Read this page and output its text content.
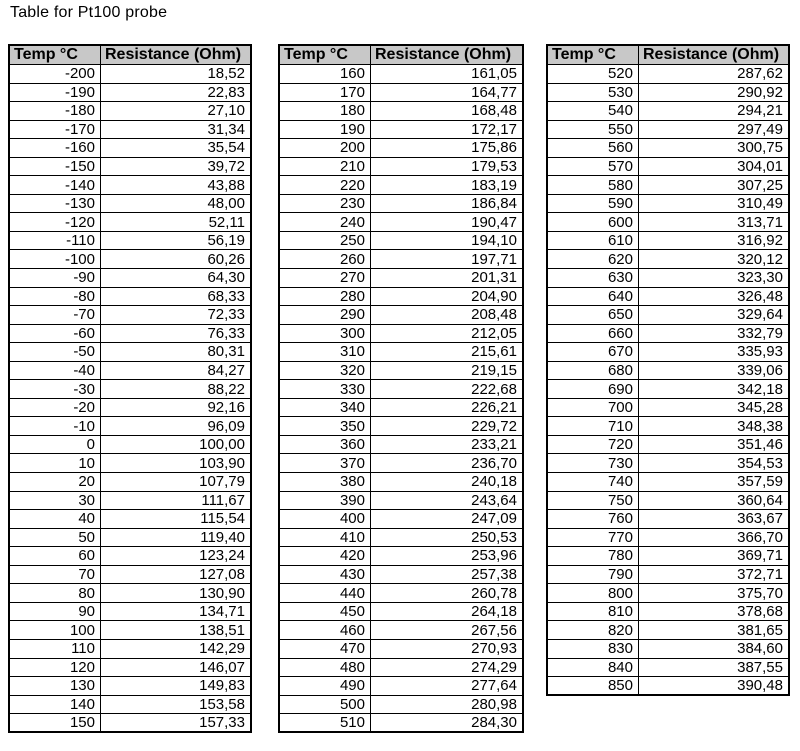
Table for Pt100 probe
Temp °C	Resistance (Ohm)
-200	18,52
-190	22,83
-180	27,10
-170	31,34
-160	35,54
-150	39,72
-140	43,88
-130	48,00
-120	52,11
-110	56,19
-100	60,26
-90	64,30
-80	68,33
-70	72,33
-60	76,33
-50	80,31
-40	84,27
-30	88,22
-20	92,16
-10	96,09
0	100,00
10	103,90
20	107,79
30	111,67
40	115,54
50	119,40
60	123,24
70	127,08
80	130,90
90	134,71
100	138,51
110	142,29
120	146,07
130	149,83
140	153,58
150	157,33
Temp °C	Resistance (Ohm)
160	161,05
170	164,77
180	168,48
190	172,17
200	175,86
210	179,53
220	183,19
230	186,84
240	190,47
250	194,10
260	197,71
270	201,31
280	204,90
290	208,48
300	212,05
310	215,61
320	219,15
330	222,68
340	226,21
350	229,72
360	233,21
370	236,70
380	240,18
390	243,64
400	247,09
410	250,53
420	253,96
430	257,38
440	260,78
450	264,18
460	267,56
470	270,93
480	274,29
490	277,64
500	280,98
510	284,30
Temp °C	Resistance (Ohm)
520	287,62
530	290,92
540	294,21
550	297,49
560	300,75
570	304,01
580	307,25
590	310,49
600	313,71
610	316,92
620	320,12
630	323,30
640	326,48
650	329,64
660	332,79
670	335,93
680	339,06
690	342,18
700	345,28
710	348,38
720	351,46
730	354,53
740	357,59
750	360,64
760	363,67
770	366,70
780	369,71
790	372,71
800	375,70
810	378,68
820	381,65
830	384,60
840	387,55
850	390,48
